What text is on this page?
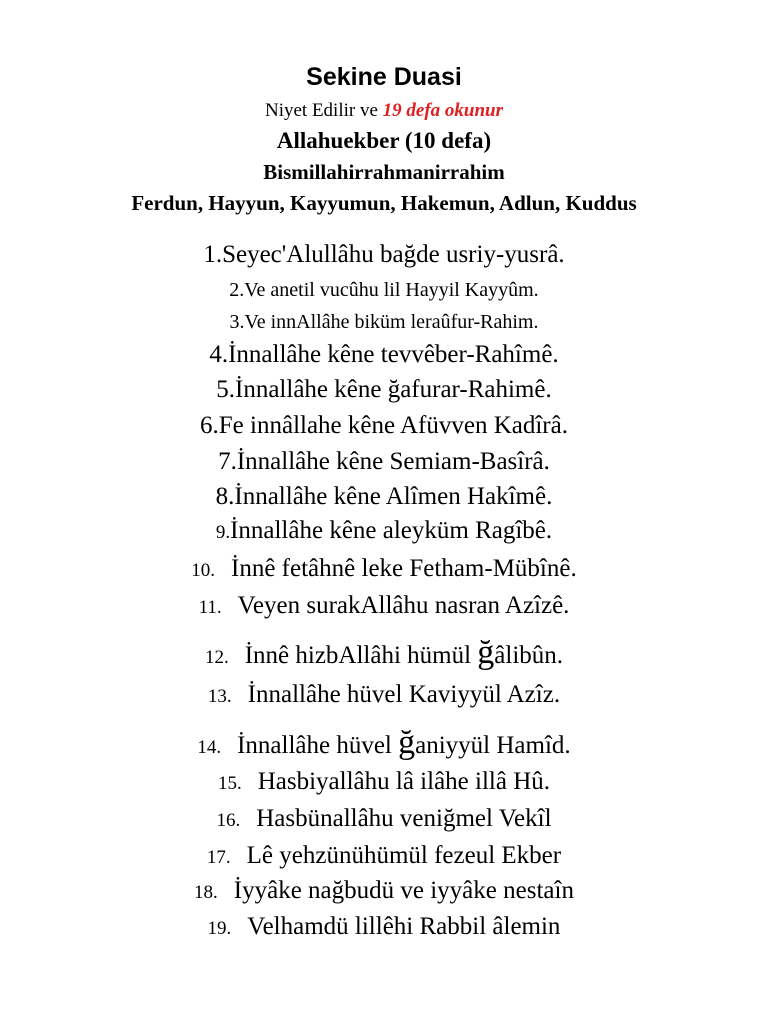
Sekine Duasi
Niyet Edilir ve 19 defa okunur
Allahuekber (10 defa)
Bismillahirrahmanirrahim
Ferdun, Hayyun, Kayyumun, Hakemun, Adlun, Kuddus
1.Seyec'Alullâhu bağde usriy-yusrâ.
2.Ve anetil vucûhu lil Hayyil Kayyûm.
3.Ve innAllâhe biküm leraûfur-Rahim.
4.İnnallâhe kêne tevvêber-Rahîmê.
5.İnnallâhe kêne ğafurar-Rahimê.
6.Fe innâllahe kêne Afüvven Kadîrâ.
7.İnnallâhe kêne Semiam-Basîrâ.
8.İnnallâhe kêne Alîmen Hakîmê.
9.İnnallâhe kêne aleyküm Ragîbê.
10. İnnê fetâhnê leke Fetham-Mübînê.
11. Veyen surakAllâhu nasran Azîzê.
12. İnnê hizbAllâhi hümül ğâlibûn.
13. İnnallâhe hüvel Kaviyyül Azîz.
14. İnnallâhe hüvel ğaniyyül Hamîd.
15. Hasbiyallâhu lâ ilâhe illâ Hû.
16. Hasbünallâhu veniğmel Vekîl
17. Lê yehzünühümül fezeul Ekber
18. İyyâke nağbudü ve iyyâke nestaîn
19. Velhamdü lillêhi Rabbil âlemin
